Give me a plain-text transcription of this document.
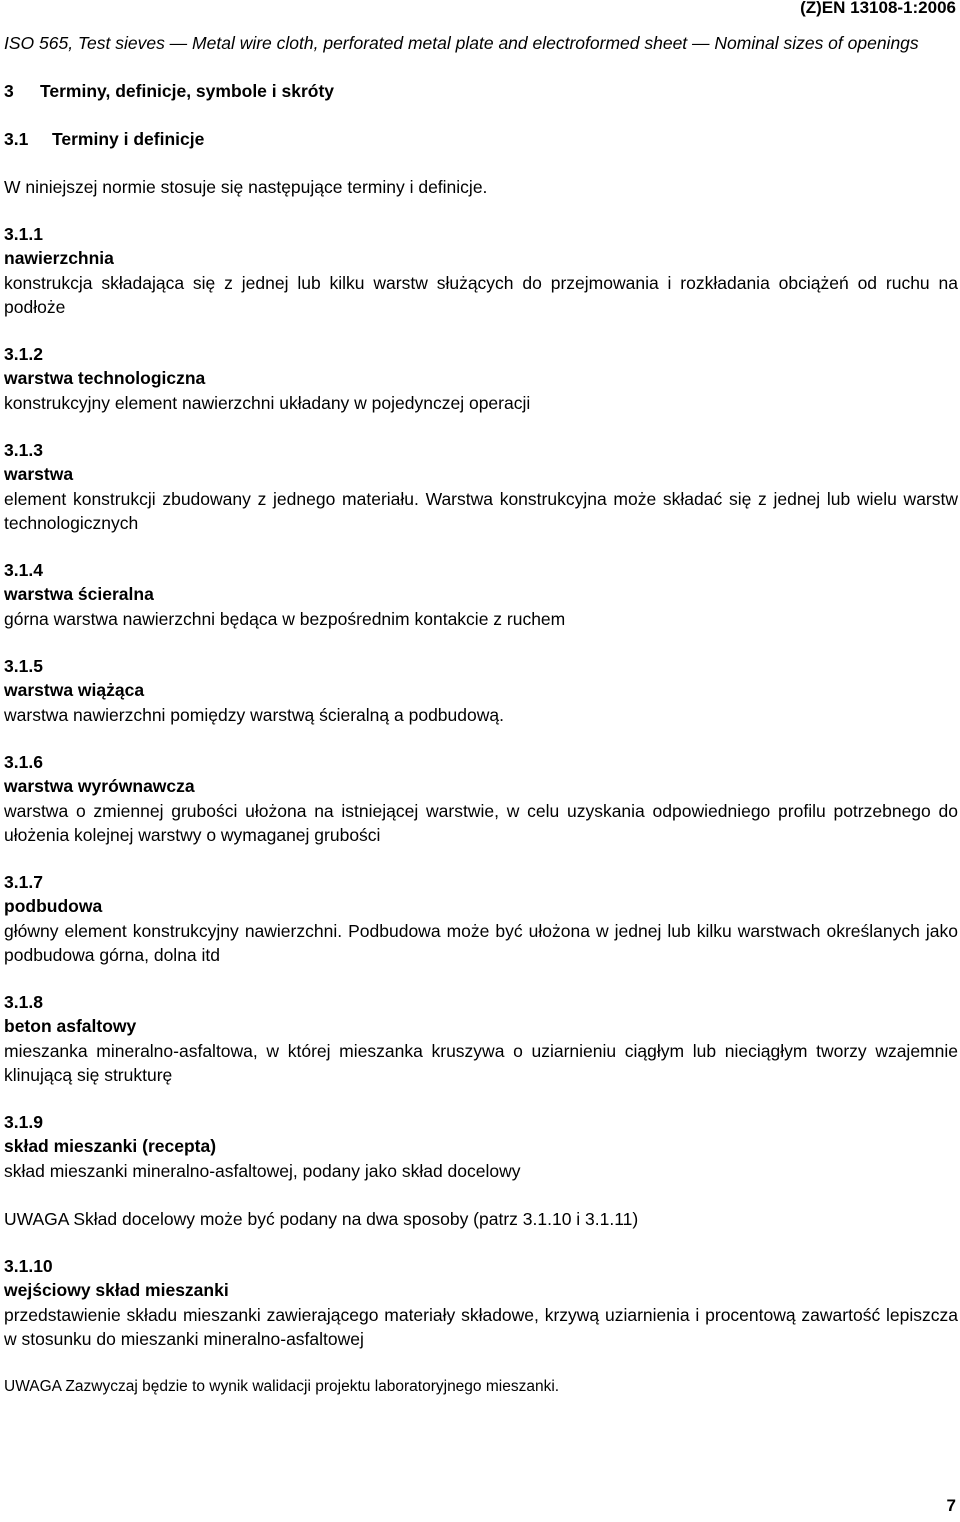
(Z)EN 13108-1:2006

ISO 565, Test sieves — Metal wire cloth, perforated metal plate and electroformed sheet — Nominal sizes of openings

3	Terminy, definicje, symbole i skróty
3.1	Terminy i definicje

W niniejszej normie stosuje się następujące terminy i definicje.

3.1.1

nawierzchnia

konstrukcja składająca się z jednej lub kilku warstw służących do przejmowania i rozkładania obciążeń od ruchu na podłoże

3.1.2

warstwa technologiczna

konstrukcyjny element nawierzchni układany w pojedynczej operacji

3.1.3

warstwa

element konstrukcji zbudowany z jednego materiału. Warstwa konstrukcyjna może składać się z jednej lub wielu warstw technologicznych

3.1.4

warstwa ścieralna

górna warstwa nawierzchni będąca w bezpośrednim kontakcie z ruchem

3.1.5

warstwa wiążąca

warstwa nawierzchni pomiędzy warstwą ścieralną a podbudową.

3.1.6

warstwa wyrównawcza

warstwa o zmiennej grubości ułożona na istniejącej warstwie, w celu uzyskania odpowiedniego profilu potrzebnego do ułożenia kolejnej warstwy o wymaganej grubości

3.1.7

podbudowa

główny element konstrukcyjny nawierzchni. Podbudowa może być ułożona w jednej lub kilku warstwach określanych jako podbudowa górna, dolna itd

3.1.8

beton asfaltowy

mieszanka mineralno-asfaltowa, w której mieszanka kruszywa o uziarnieniu ciągłym lub nieciągłym tworzy wzajemnie klinującą się strukturę

3.1.9

skład mieszanki (recepta)

skład mieszanki mineralno-asfaltowej, podany jako skład docelowy

UWAGA Skład docelowy może być podany na dwa sposoby (patrz 3.1.10 i 3.1.11)

3.1.10

wejściowy skład mieszanki

przedstawienie składu mieszanki zawierającego materiały składowe, krzywą uziarnienia i procentową zawartość lepiszcza w stosunku do mieszanki mineralno-asfaltowej

UWAGA Zazwyczaj będzie to wynik walidacji projektu laboratoryjnego mieszanki.

7
